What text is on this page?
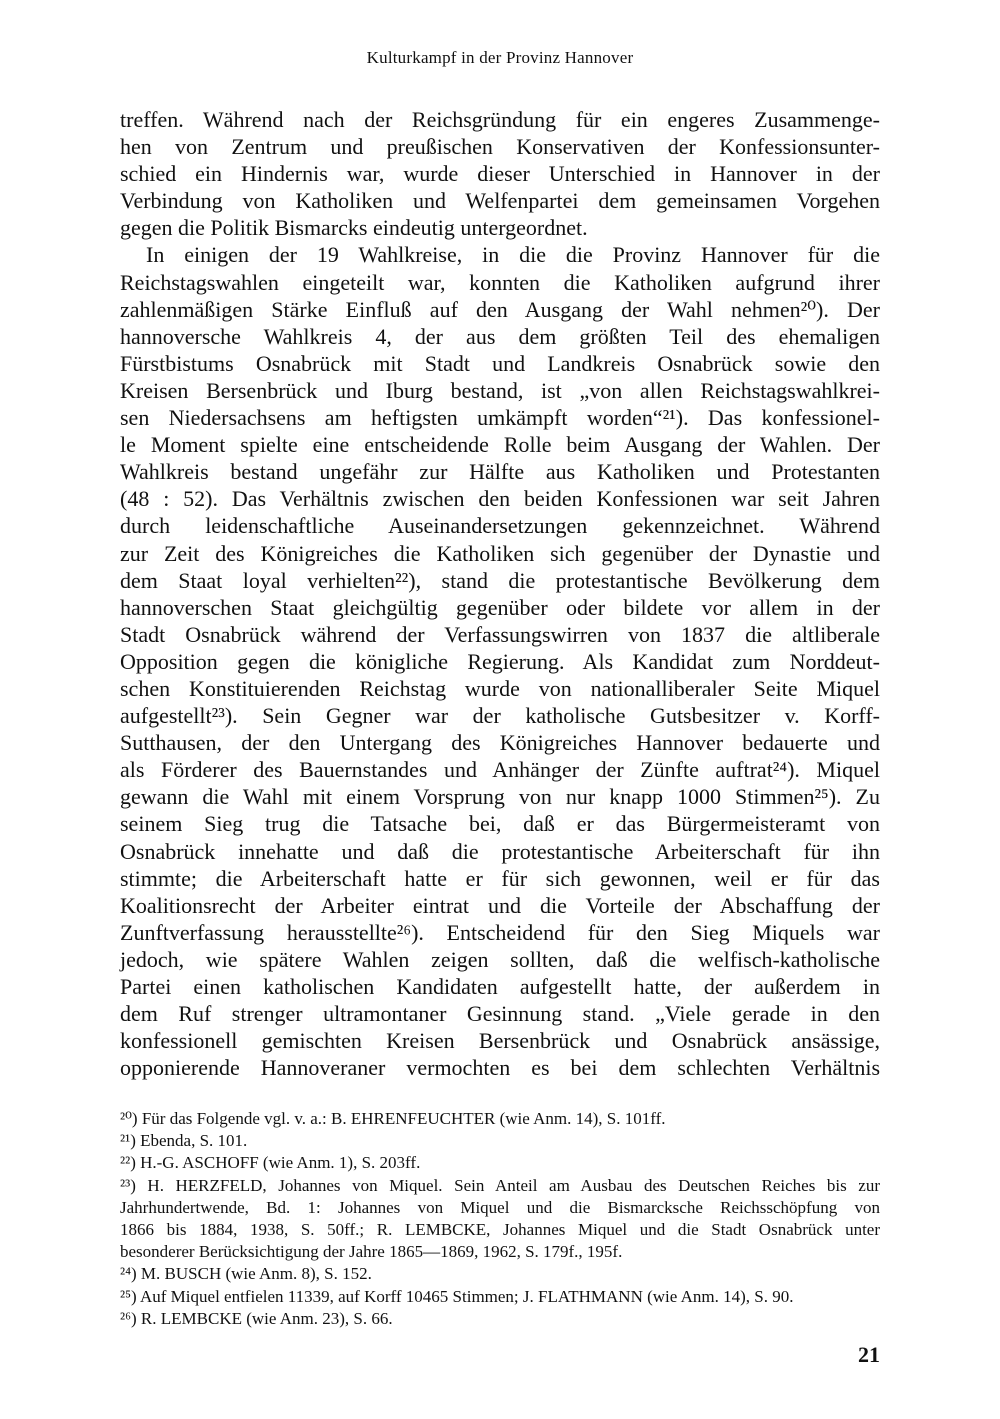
Kulturkampf in der Provinz Hannover
treffen. Während nach der Reichsgründung für ein engeres Zusammenge-
hen von Zentrum und preußischen Konservativen der Konfessionsunter-
schied ein Hindernis war, wurde dieser Unterschied in Hannover in der
Verbindung von Katholiken und Welfenpartei dem gemeinsamen Vorgehen
gegen die Politik Bismarcks eindeutig untergeordnet.
In einigen der 19 Wahlkreise, in die die Provinz Hannover für die
Reichstagswahlen eingeteilt war, konnten die Katholiken aufgrund ihrer
zahlenmäßigen Stärke Einfluß auf den Ausgang der Wahl nehmen²⁰). Der
hannoversche Wahlkreis 4, der aus dem größten Teil des ehemaligen
Fürstbistums Osnabrück mit Stadt und Landkreis Osnabrück sowie den
Kreisen Bersenbrück und Iburg bestand, ist „von allen Reichstagswahlkrei-
sen Niedersachsens am heftigsten umkämpft worden“²¹). Das konfessionel-
le Moment spielte eine entscheidende Rolle beim Ausgang der Wahlen. Der
Wahlkreis bestand ungefähr zur Hälfte aus Katholiken und Protestanten
(48 : 52). Das Verhältnis zwischen den beiden Konfessionen war seit Jahren
durch leidenschaftliche Auseinandersetzungen gekennzeichnet. Während
zur Zeit des Königreiches die Katholiken sich gegenüber der Dynastie und
dem Staat loyal verhielten²²), stand die protestantische Bevölkerung dem
hannoverschen Staat gleichgültig gegenüber oder bildete vor allem in der
Stadt Osnabrück während der Verfassungswirren von 1837 die altliberale
Opposition gegen die königliche Regierung. Als Kandidat zum Norddeut-
schen Konstituierenden Reichstag wurde von nationalliberaler Seite Miquel
aufgestellt²³). Sein Gegner war der katholische Gutsbesitzer v. Korff-
Sutthausen, der den Untergang des Königreiches Hannover bedauerte und
als Förderer des Bauernstandes und Anhänger der Zünfte auftrat²⁴). Miquel
gewann die Wahl mit einem Vorsprung von nur knapp 1000 Stimmen²⁵). Zu
seinem Sieg trug die Tatsache bei, daß er das Bürgermeisteramt von
Osnabrück innehatte und daß die protestantische Arbeiterschaft für ihn
stimmte; die Arbeiterschaft hatte er für sich gewonnen, weil er für das
Koalitionsrecht der Arbeiter eintrat und die Vorteile der Abschaffung der
Zunftverfassung herausstellte²⁶). Entscheidend für den Sieg Miquels war
jedoch, wie spätere Wahlen zeigen sollten, daß die welfisch-katholische
Partei einen katholischen Kandidaten aufgestellt hatte, der außerdem in
dem Ruf strenger ultramontaner Gesinnung stand. „Viele gerade in den
konfessionell gemischten Kreisen Bersenbrück und Osnabrück ansässige,
opponierende Hannoveraner vermochten es bei dem schlechten Verhältnis
²⁰) Für das Folgende vgl. v. a.: B. EHRENFEUCHTER (wie Anm. 14), S. 101ff.
²¹) Ebenda, S. 101.
²²) H.-G. ASCHOFF (wie Anm. 1), S. 203ff.
²³) H. HERZFELD, Johannes von Miquel. Sein Anteil am Ausbau des Deutschen Reiches bis zur
Jahrhundertwende, Bd. 1: Johannes von Miquel und die Bismarcksche Reichsschöpfung von
1866 bis 1884, 1938, S. 50ff.; R. LEMBCKE, Johannes Miquel und die Stadt Osnabrück unter
besonderer Berücksichtigung der Jahre 1865—1869, 1962, S. 179f., 195f.
²⁴) M. BUSCH (wie Anm. 8), S. 152.
²⁵) Auf Miquel entfielen 11339, auf Korff 10465 Stimmen; J. FLATHMANN (wie Anm. 14), S. 90.
²⁶) R. LEMBCKE (wie Anm. 23), S. 66.
21
